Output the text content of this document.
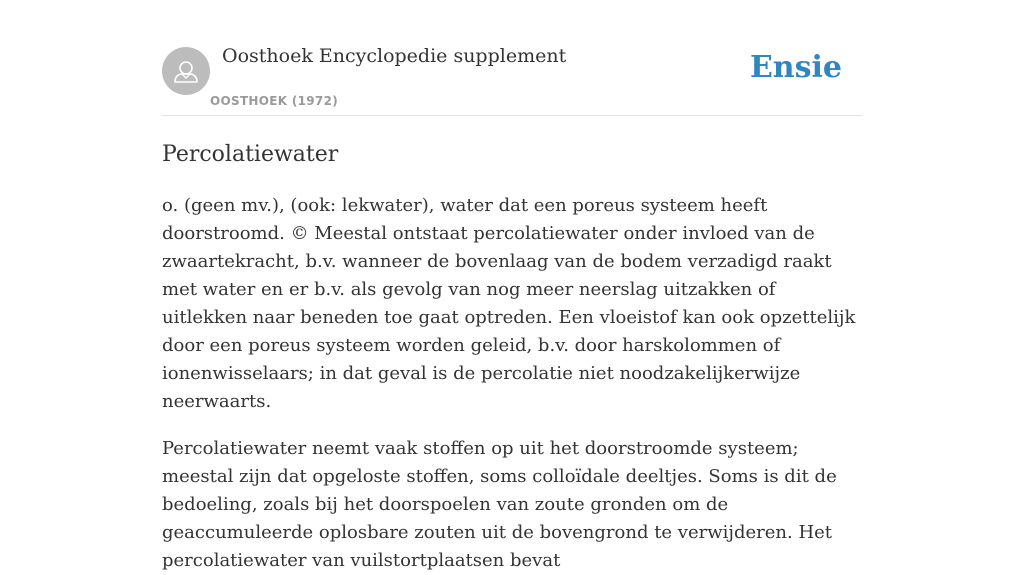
Oosthoek Encyclopedie supplement
OOSTHOEK (1972)
Ensie
Percolatiewater

o. (geen mv.), (ook: lekwater), water dat een poreus systeem heeft doorstroomd. © Meestal ontstaat percolatiewater onder invloed van de zwaartekracht, b.v. wanneer de bovenlaag van de bodem verzadigd raakt met water en er b.v. als gevolg van nog meer neerslag uitzakken of uitlekken naar beneden toe gaat optreden. Een vloeistof kan ook opzettelijk door een poreus systeem worden geleid, b.v. door harskolommen of ionenwisselaars; in dat geval is de percolatie niet noodzakelijkerwijze neerwaarts.

Percolatiewater neemt vaak stoffen op uit het doorstroomde systeem; meestal zijn dat opgeloste stoffen, soms colloïdale deeltjes. Soms is dit de bedoeling, zoals bij het doorspoelen van zoute gronden om de geaccumuleerde oplosbare zouten uit de bovengrond te verwijderen. Het percolatiewater van vuilstortplaatsen bevat
